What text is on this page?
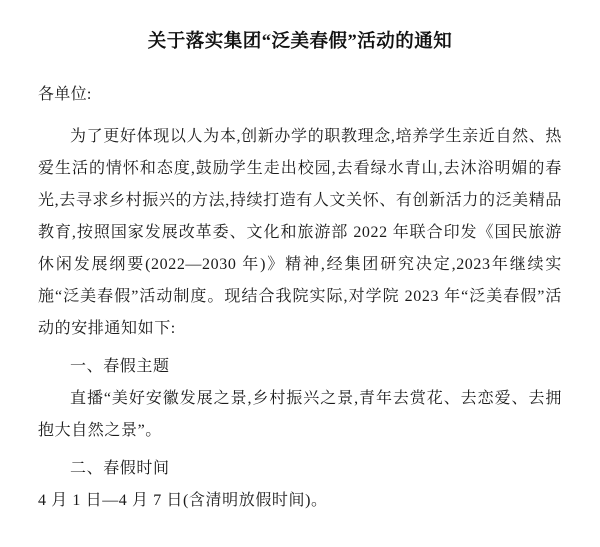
关于落实集团“泛美春假”活动的通知

各单位:

为了更好体现以人为本,创新办学的职教理念,培养学生亲近自然、热爱生活的情怀和态度,鼓励学生走出校园,去看绿水青山,去沐浴明媚的春光,去寻求乡村振兴的方法,持续打造有人文关怀、有创新活力的泛美精品教育,按照国家发展改革委、文化和旅游部 2022 年联合印发《国民旅游休闲发展纲要(2022—2030 年)》精神,经集团研究决定,2023年继续实施“泛美春假”活动制度。现结合我院实际,对学院 2023 年“泛美春假”活动的安排通知如下:

一、春假主题

直播“美好安徽发展之景,乡村振兴之景,青年去赏花、去恋爱、去拥抱大自然之景”。

二、春假时间

4 月 1 日—4 月 7 日(含清明放假时间)。
